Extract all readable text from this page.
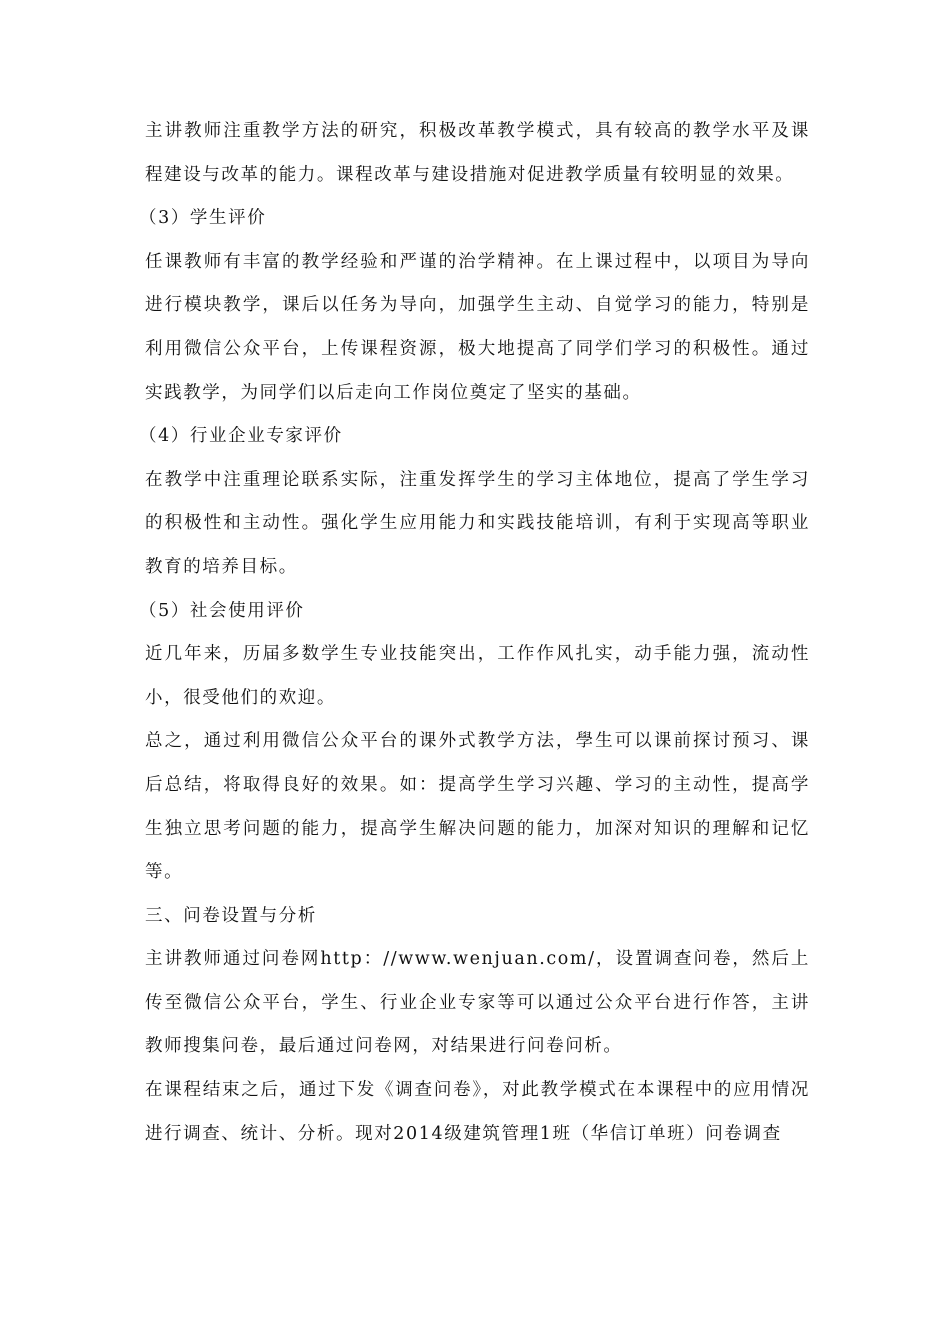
主讲教师注重教学方法的研究，积极改革教学模式，具有较高的教学水平及课程建设与改革的能力。课程改革与建设措施对促进教学质量有较明显的效果。

（3）学生评价

任课教师有丰富的教学经验和严谨的治学精神。在上课过程中，以项目为导向进行模块教学，课后以任务为导向，加强学生主动、自觉学习的能力，特别是利用微信公众平台，上传课程资源，极大地提高了同学们学习的积极性。通过实践教学，为同学们以后走向工作岗位奠定了坚实的基础。

（4）行业企业专家评价

在教学中注重理论联系实际，注重发挥学生的学习主体地位，提高了学生学习的积极性和主动性。强化学生应用能力和实践技能培训，有利于实现高等职业教育的培养目标。

（5）社会使用评价

近几年来，历届多数学生专业技能突出，工作作风扎实，动手能力强，流动性小，很受他们的欢迎。

总之，通过利用微信公众平台的课外式教学方法，學生可以课前探讨预习、课后总结，将取得良好的效果。如：提高学生学习兴趣、学习的主动性，提高学生独立思考问题的能力，提高学生解决问题的能力，加深对知识的理解和记忆等。

三、问卷设置与分析

主讲教师通过问卷网http：//www.wenjuan.com/，设置调查问卷，然后上传至微信公众平台，学生、行业企业专家等可以通过公众平台进行作答，主讲教师搜集问卷，最后通过问卷网，对结果进行问卷问析。

在课程结束之后，通过下发《调查问卷》，对此教学模式在本课程中的应用情况进行调查、统计、分析。现对2014级建筑管理1班（华信订单班）问卷调查
